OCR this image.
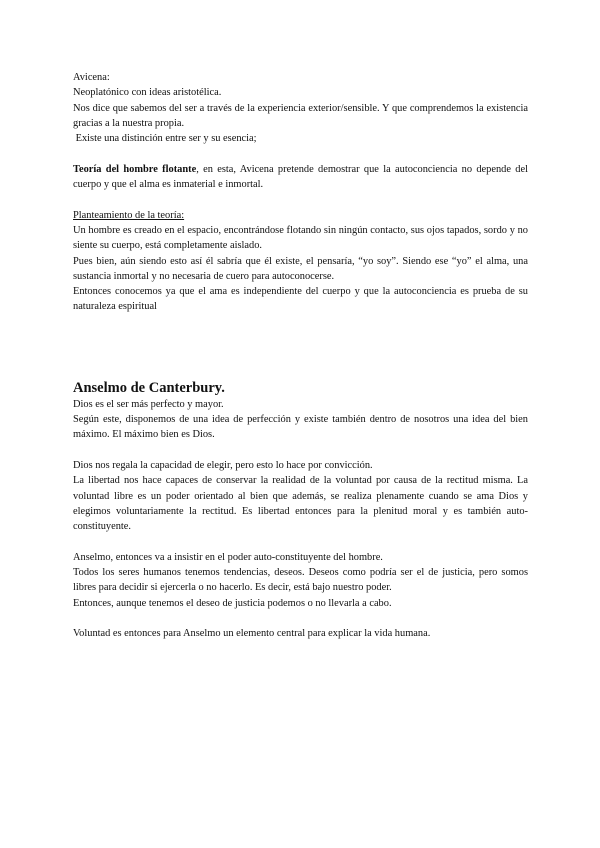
Avicena:

Neoplatónico con ideas aristotélica.

Nos dice que sabemos del ser a través de la experiencia exterior/sensible. Y que comprendemos la existencia gracias a la nuestra propia.

Existe una distinción entre ser y su esencia;

Teoría del hombre flotante, en esta, Avicena pretende demostrar que la autoconciencia no depende del cuerpo y que el alma es inmaterial e inmortal.

Planteamiento de la teoría:

Un hombre es creado en el espacio, encontrándose flotando sin ningún contacto, sus ojos tapados, sordo y no siente su cuerpo, está completamente aislado.

Pues bien, aún siendo esto así él sabría que él existe, el pensaría, “yo soy”. Siendo ese “yo” el alma, una sustancia inmortal y no necesaria de cuero para autoconocerse.

Entonces conocemos ya que el ama es independiente del cuerpo y que la autoconciencia es prueba de su naturaleza espiritual

Anselmo de Canterbury.

Dios es el ser más perfecto y mayor.

Según este, disponemos de una idea de perfección y existe también dentro de nosotros una idea del bien máximo. El máximo bien es Dios.

Dios nos regala la capacidad de elegir, pero esto lo hace por convicción.

La libertad nos hace capaces de conservar la realidad de la voluntad por causa de la rectitud misma. La voluntad libre es un poder orientado al bien que además, se realiza plenamente cuando se ama Dios y elegimos voluntariamente la rectitud. Es libertad entonces para la plenitud moral y es también auto-constituyente.

Anselmo, entonces va a insistir en el poder auto-constituyente del hombre.

Todos los seres humanos tenemos tendencias, deseos. Deseos como podría ser el de justicia, pero somos libres para decidir si ejercerla o no hacerlo. Es decir, está bajo nuestro poder.

Entonces, aunque tenemos el deseo de justicia podemos o no llevarla a cabo.

Voluntad es entonces para Anselmo un elemento central para explicar la vida humana.
